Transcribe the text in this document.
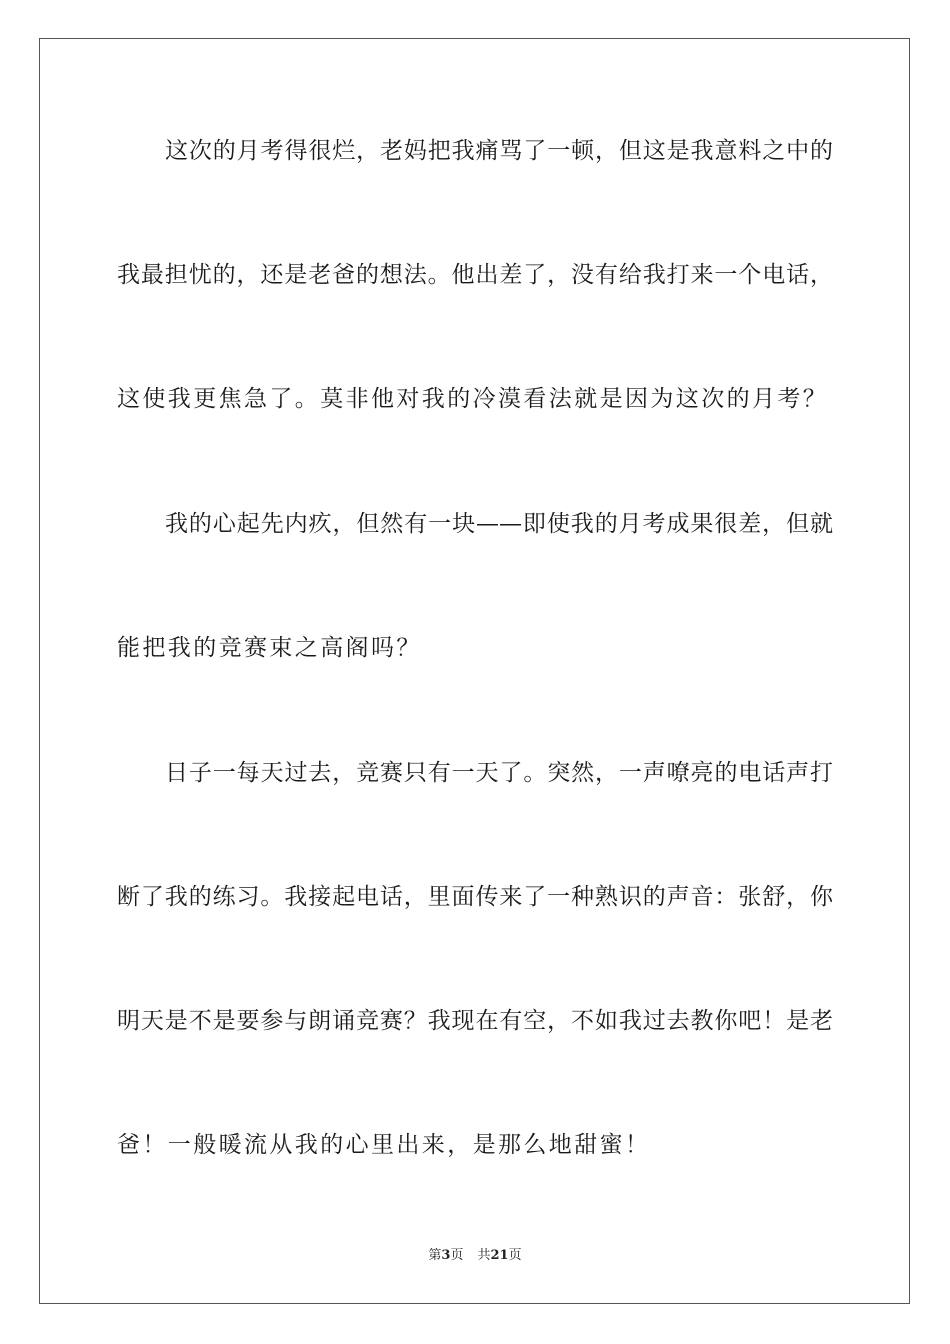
这次的月考得很烂，老妈把我痛骂了一顿，但这是我意料之中的
我最担忧的，还是老爸的想法。他出差了，没有给我打来一个电话，
这使我更焦急了。莫非他对我的冷漠看法就是因为这次的月考？
我的心起先内疚，但然有一块——即使我的月考成果很差，但就
能把我的竞赛束之高阁吗？
日子一每天过去，竞赛只有一天了。突然，一声嘹亮的电话声打
断了我的练习。我接起电话，里面传来了一种熟识的声音：张舒，你
明天是不是要参与朗诵竞赛？我现在有空，不如我过去教你吧！是老
爸！一般暖流从我的心里出来，是那么地甜蜜！
第3页 共21页
